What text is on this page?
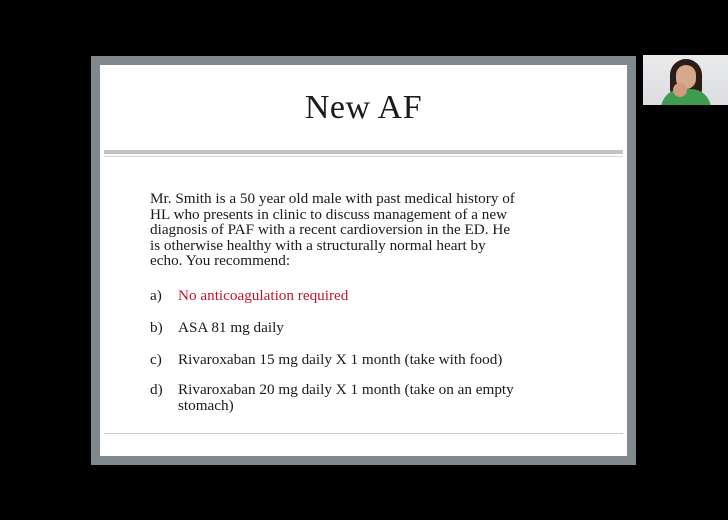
New AF
Mr. Smith is a 50 year old male with past medical history of
HL who presents in clinic to discuss management of a new
diagnosis of PAF with a recent cardioversion in the ED. He
is otherwise healthy with a structurally normal heart by
echo. You recommend:
a)	No anticoagulation required
b)	ASA 81 mg daily
c)	Rivaroxaban 15 mg daily X 1 month (take with food)
d)	Rivaroxaban 20 mg daily X 1 month (take on an empty
stomach)
